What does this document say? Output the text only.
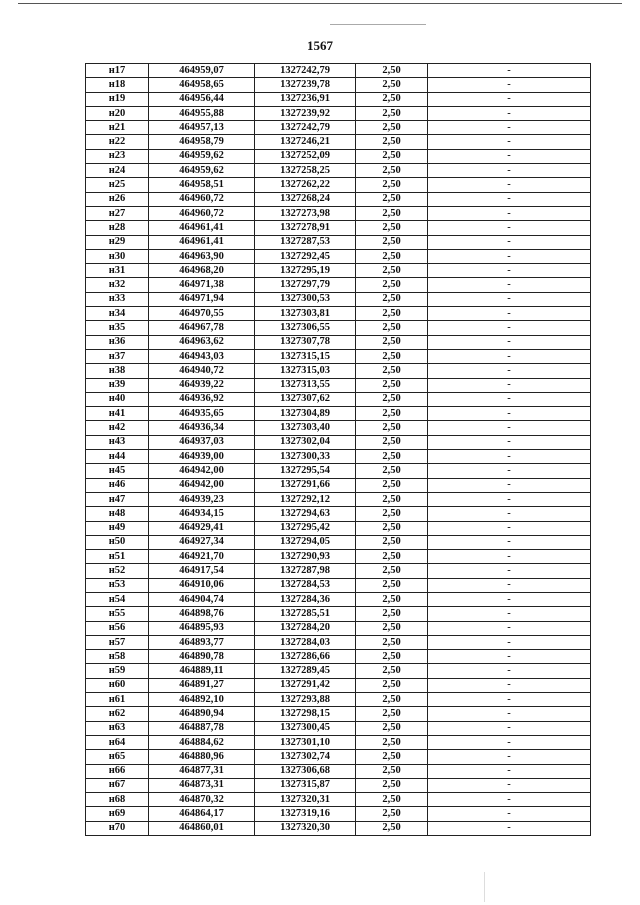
1567
н17	464959,07	1327242,79	2,50	-
н18	464958,65	1327239,78	2,50	-
н19	464956,44	1327236,91	2,50	-
н20	464955,88	1327239,92	2,50	-
н21	464957,13	1327242,79	2,50	-
н22	464958,79	1327246,21	2,50	-
н23	464959,62	1327252,09	2,50	-
н24	464959,62	1327258,25	2,50	-
н25	464958,51	1327262,22	2,50	-
н26	464960,72	1327268,24	2,50	-
н27	464960,72	1327273,98	2,50	-
н28	464961,41	1327278,91	2,50	-
н29	464961,41	1327287,53	2,50	-
н30	464963,90	1327292,45	2,50	-
н31	464968,20	1327295,19	2,50	-
н32	464971,38	1327297,79	2,50	-
н33	464971,94	1327300,53	2,50	-
н34	464970,55	1327303,81	2,50	-
н35	464967,78	1327306,55	2,50	-
н36	464963,62	1327307,78	2,50	-
н37	464943,03	1327315,15	2,50	-
н38	464940,72	1327315,03	2,50	-
н39	464939,22	1327313,55	2,50	-
н40	464936,92	1327307,62	2,50	-
н41	464935,65	1327304,89	2,50	-
н42	464936,34	1327303,40	2,50	-
н43	464937,03	1327302,04	2,50	-
н44	464939,00	1327300,33	2,50	-
н45	464942,00	1327295,54	2,50	-
н46	464942,00	1327291,66	2,50	-
н47	464939,23	1327292,12	2,50	-
н48	464934,15	1327294,63	2,50	-
н49	464929,41	1327295,42	2,50	-
н50	464927,34	1327294,05	2,50	-
н51	464921,70	1327290,93	2,50	-
н52	464917,54	1327287,98	2,50	-
н53	464910,06	1327284,53	2,50	-
н54	464904,74	1327284,36	2,50	-
н55	464898,76	1327285,51	2,50	-
н56	464895,93	1327284,20	2,50	-
н57	464893,77	1327284,03	2,50	-
н58	464890,78	1327286,66	2,50	-
н59	464889,11	1327289,45	2,50	-
н60	464891,27	1327291,42	2,50	-
н61	464892,10	1327293,88	2,50	-
н62	464890,94	1327298,15	2,50	-
н63	464887,78	1327300,45	2,50	-
н64	464884,62	1327301,10	2,50	-
н65	464880,96	1327302,74	2,50	-
н66	464877,31	1327306,68	2,50	-
н67	464873,31	1327315,87	2,50	-
н68	464870,32	1327320,31	2,50	-
н69	464864,17	1327319,16	2,50	-
н70	464860,01	1327320,30	2,50	-
